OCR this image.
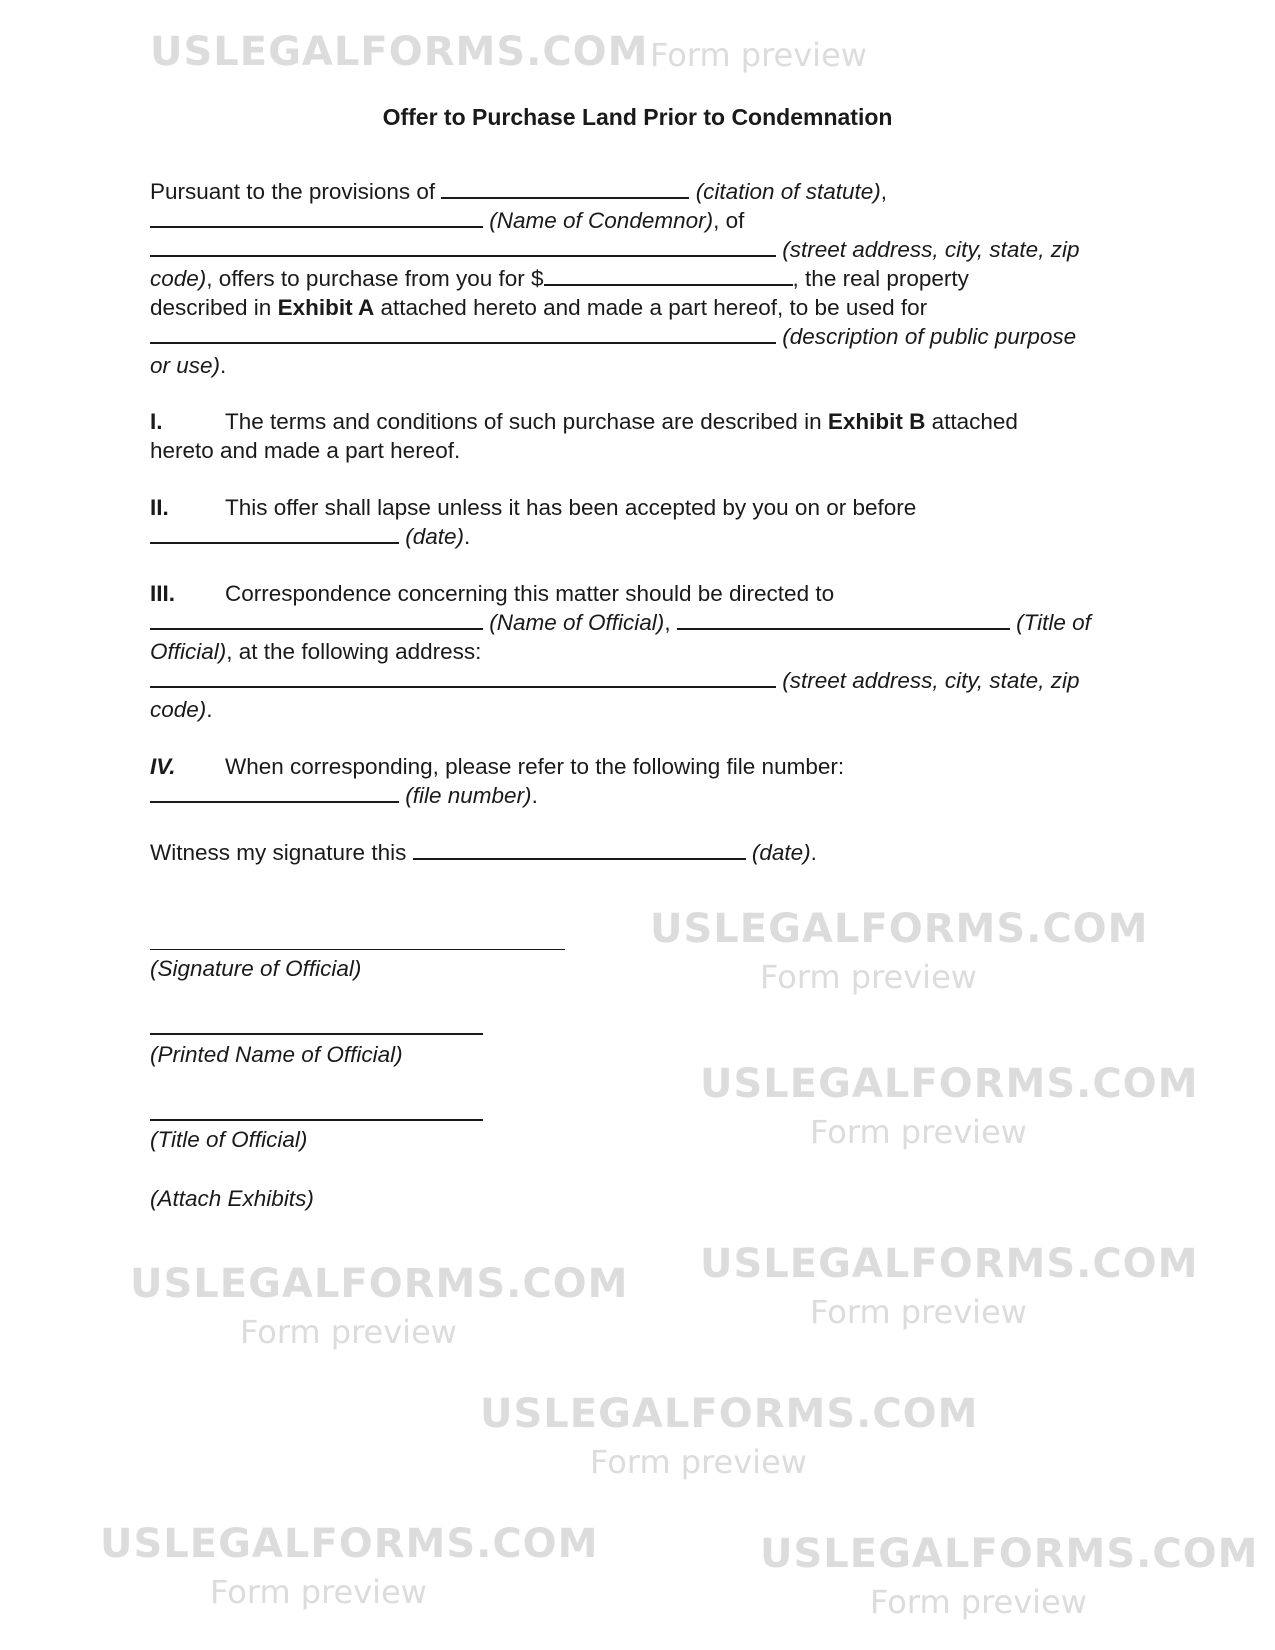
USLEGALFORMS.COM Form preview
USLEGALFORMS.COM
Form preview
USLEGALFORMS.COM
Form preview
USLEGALFORMS.COM
Form preview
USLEGALFORMS.COM
Form preview
USLEGALFORMS.COM
Form preview
USLEGALFORMS.COM
Form preview
USLEGALFORMS.COM
Form preview
Offer to Purchase Land Prior to Condemnation
Pursuant to the provisions of	(citation of statute),
(Name of Condemnor), of
(street address, city, state, zip
code), offers to purchase from you for $	, the real property
described in Exhibit A attached hereto and made a part hereof, to be used for
(description of public purpose
or use).
I.	The terms and conditions of such purchase are described in Exhibit B attached
hereto and made a part hereof.
II. This offer shall lapse unless it has been accepted by you on or before
(date).
III. Correspondence concerning this matter should be directed to
(Name of Official),	(Title of
Official), at the following address:
(street address, city, state, zip
code).
IV. When corresponding, please refer to the following file number:
(file number).
Witness my signature this	(date).
(Signature of Official)
(Printed Name of Official)
(Title of Official)
(Attach Exhibits)
